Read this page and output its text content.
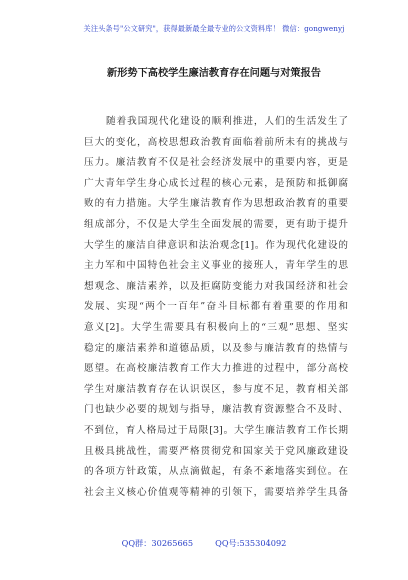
关注头条号"公文研究"，获得最新最全最专业的公文资料库！ 微信：gongwenyj
新形势下高校学生廉洁教育存在问题与对策报告
随着我国现代化建设的顺利推进，人们的生活发生了
巨大的变化，高校思想政治教育面临着前所未有的挑战与
压力。廉洁教育不仅是社会经济发展中的重要内容，更是
广大青年学生身心成长过程的核心元素，是预防和抵御腐
败的有力措施。大学生廉洁教育作为思想政治教育的重要
组成部分，不仅是大学生全面发展的需要，更有助于提升
大学生的廉洁自律意识和法治观念[1]。作为现代化建设的
主力军和中国特色社会主义事业的接班人，青年学生的思
想观念、廉洁素养，以及拒腐防变能力对我国经济和社会
发展、实现“两个一百年”奋斗目标都有着重要的作用和
意义[2]。大学生需要具有积极向上的“三观”思想、坚实
稳定的廉洁素养和道德品质，以及参与廉洁教育的热情与
愿望。在高校廉洁教育工作大力推进的过程中，部分高校
学生对廉洁教育存在认识误区，参与度不足，教育相关部
门也缺少必要的规划与指导，廉洁教育资源整合不及时、
不到位，育人格局过于局限[3]。大学生廉洁教育工作长期
且极具挑战性，需要严格贯彻党和国家关于党风廉政建设
的各项方针政策，从点滴做起，有条不紊地落实到位。在
社会主义核心价值观等精神的引领下，需要培养学生具备
QQ群：30265665	QQ号:535304092
